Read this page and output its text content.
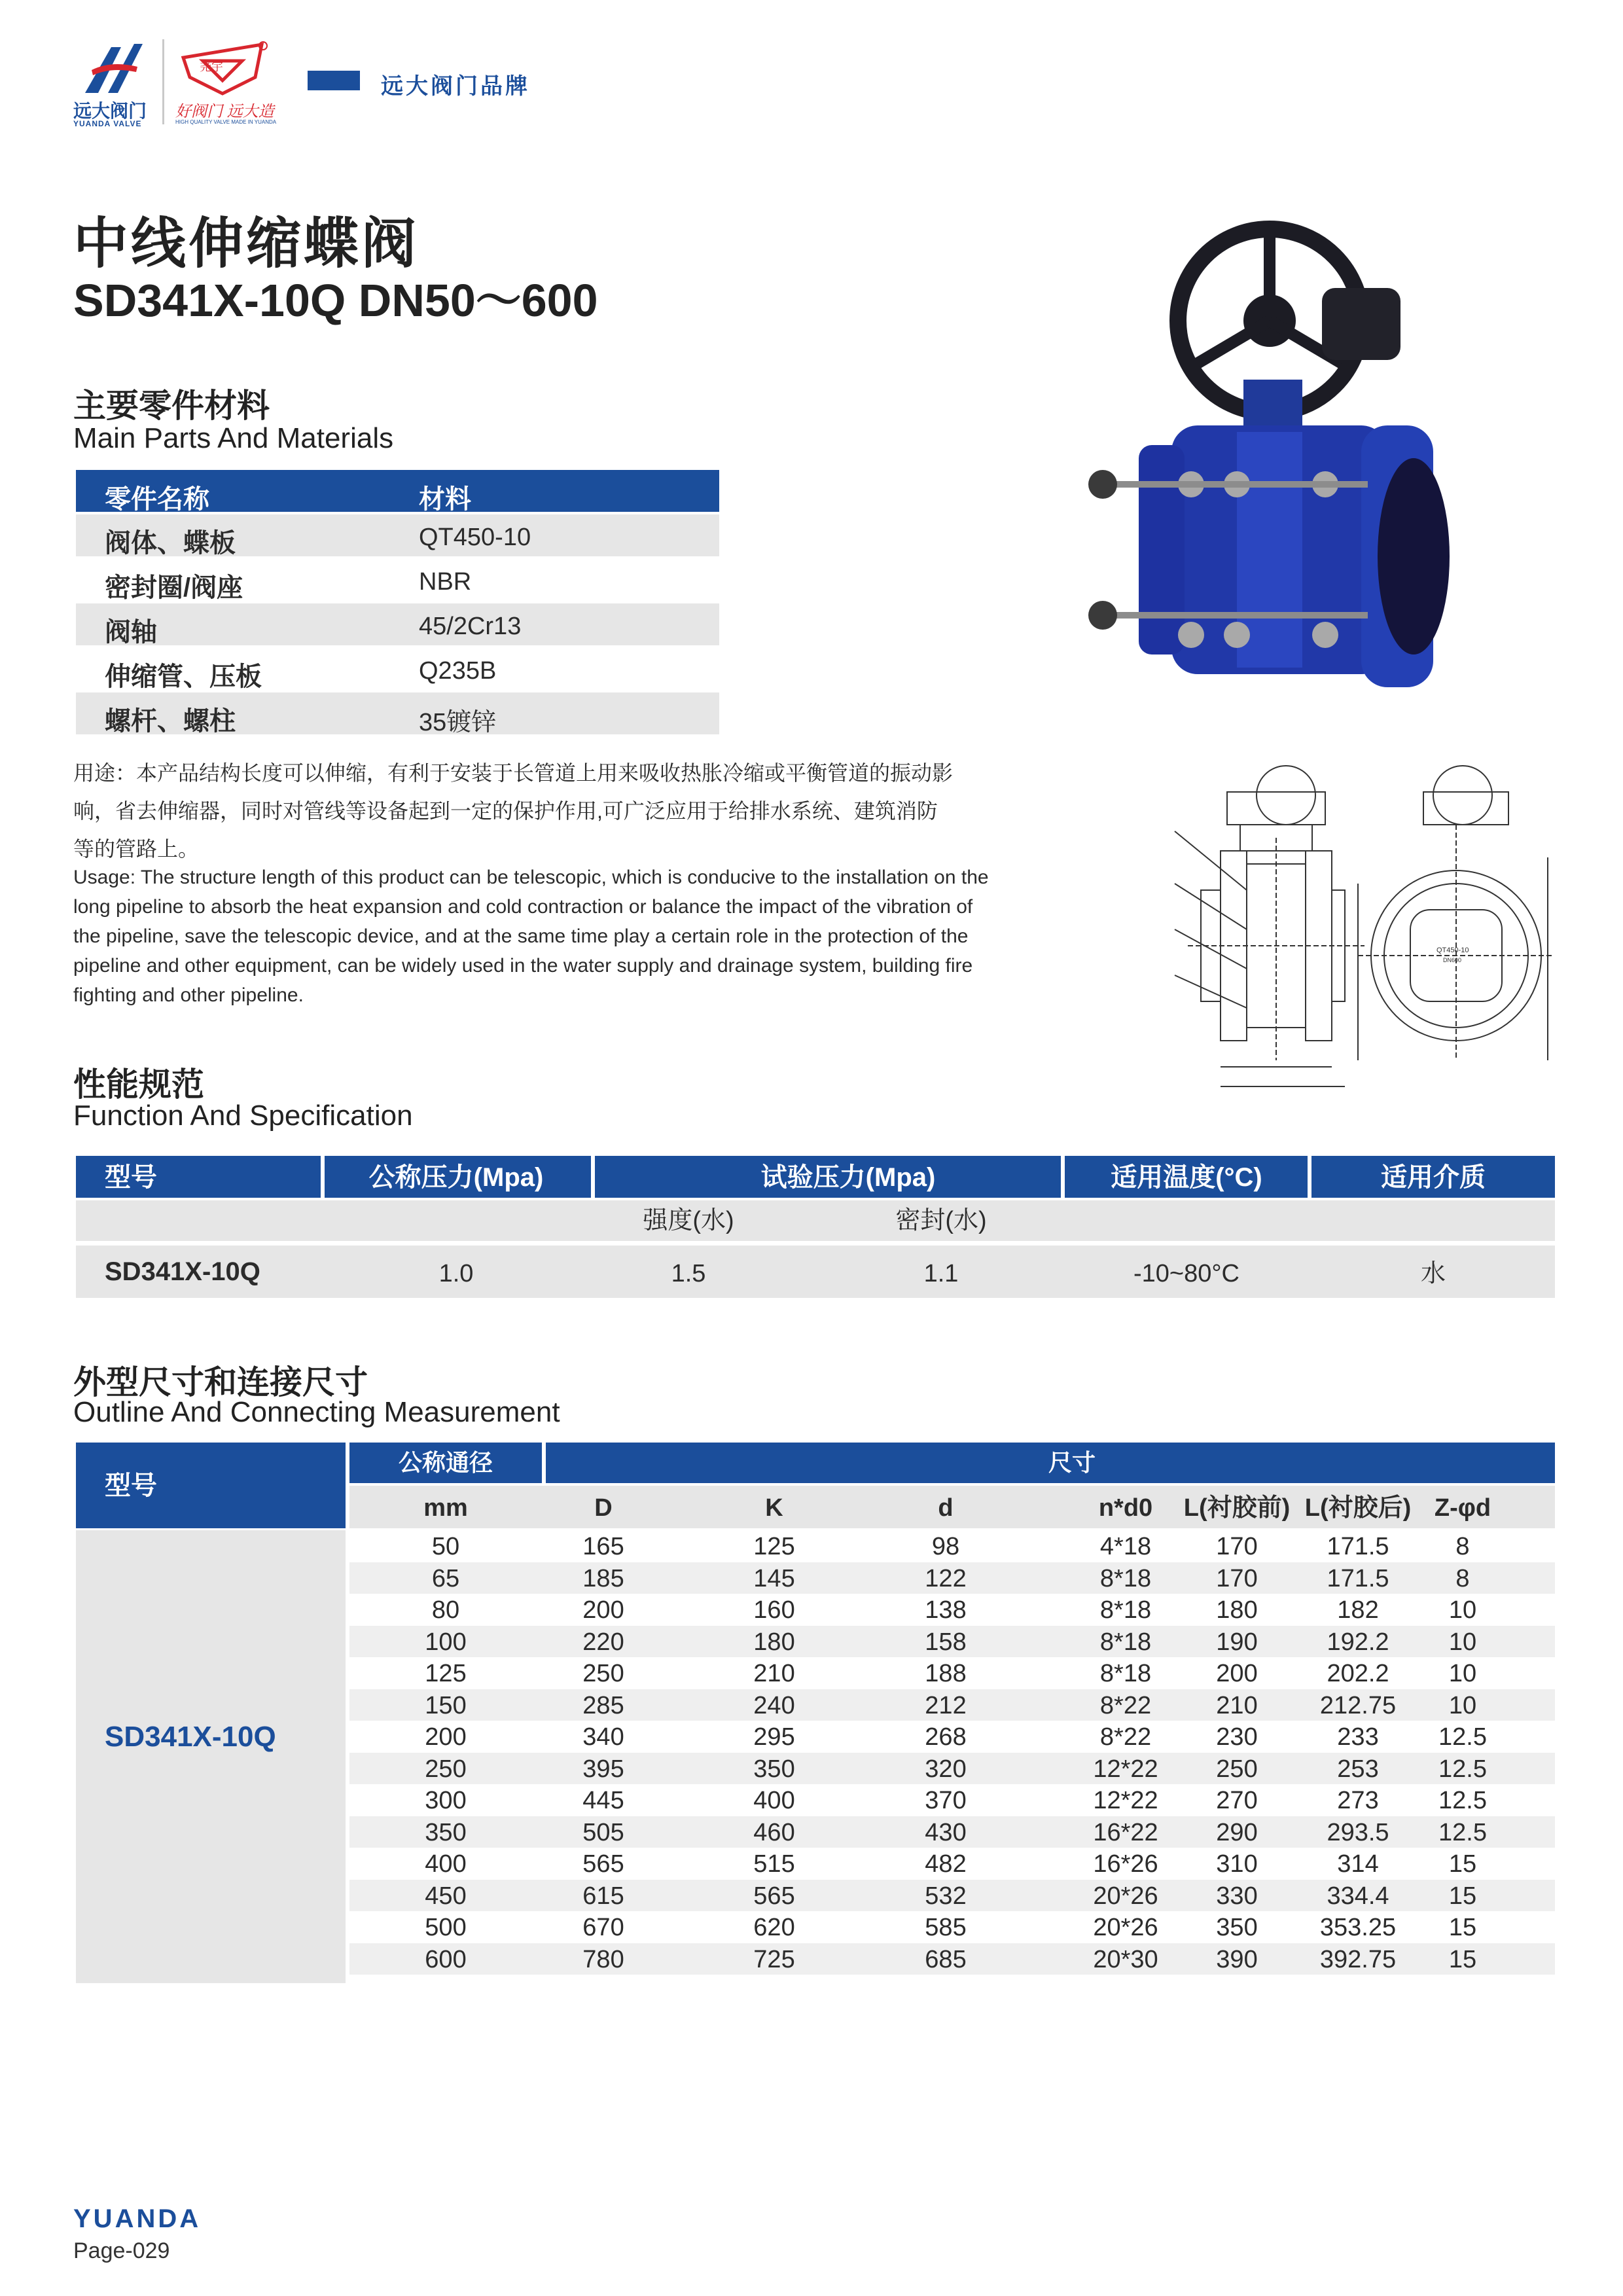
远大阀门
YUANDA VALVE
尧宇
好阀门 远大造
HIGH QUALITY VALVE MADE IN YUANDA
远大阀门品牌
中线伸缩蝶阀
SD341X-10Q DN50～600
主要零件材料
Main Parts And Materials
零件名称	材料
阀体、蝶板	QT450-10
密封圈/阀座	NBR
阀轴	45/2Cr13
伸缩管、压板	Q235B
螺杆、螺柱	35镀锌
用途：本产品结构长度可以伸缩，有利于安装于长管道上用来吸收热胀冷缩或平衡管道的振动影
响，省去伸缩器，同时对管线等设备起到一定的保护作用,可广泛应用于给排水系统、建筑消防
等的管路上。
Usage: The structure length of this product can be telescopic, which is conducive to the installation on the
long pipeline to absorb the heat expansion and cold contraction or balance the impact of the vibration of
the pipeline, save the telescopic device, and at the same time play a certain role in the protection of the
pipeline and other equipment, can be widely used in the water supply and drainage system, building fire
fighting and other pipeline.
QT450-10
DN600
性能规范
Function And Specification
型号	公称压力(Mpa)	试验压力(Mpa)	适用温度(°C)	适用介质
强度(水)	密封(水)
SD341X-10Q	1.0	1.5	1.1	-10~80°C	水
外型尺寸和连接尺寸
Outline And Connecting Measurement
型号
公称通径	尺寸
mm	D	K	d	n*d0 L(衬胶前) L(衬胶后) Z-φd
SD341X-10Q
50	165	125	98	4*18	170	171.5	8
65	185	145	122	8*18	170	171.5	8
80	200	160	138	8*18	180	182	10
100	220	180	158	8*18	190	192.2 10
125	250	210	188	8*18	200	202.2 10
150	285	240	212	8*22	210	212.75 10
200	340	295	268	8*22	230	233 12.5
250	395	350	320	12*22 250	253 12.5
300	445	400	370	12*22 270	273 12.5
350	505	460	430	16*22 290	293.5 12.5
400	565	515	482	16*26 310	314	15
450	615	565	532	20*26 330	334.4 15
500	670	620	585	20*26 350	353.25 15
600	780	725	685	20*30 390	392.75 15
YUANDA
Page-029
